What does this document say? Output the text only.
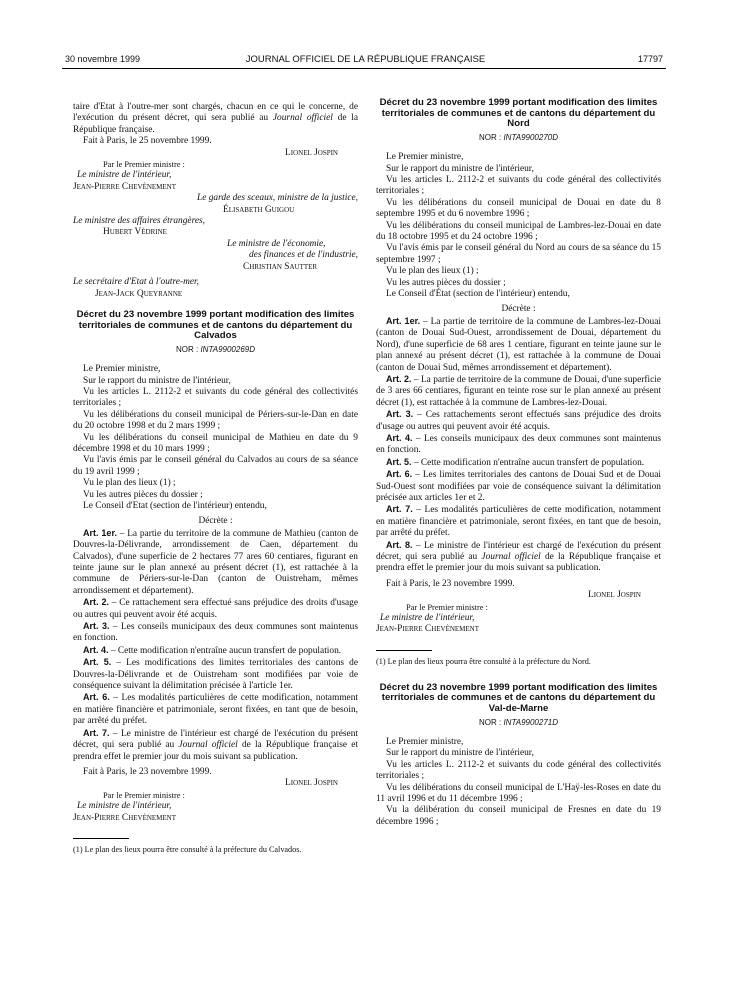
30 novembre 1999	JOURNAL OFFICIEL DE LA RÉPUBLIQUE FRANÇAISE	17797

taire d'Etat à l'outre-mer sont chargés, chacun en ce qui le concerne, de l'exécution du présent décret, qui sera publié au Journal officiel de la République française.

Fait à Paris, le 25 novembre 1999.

Lionel Jospin

Par le Premier ministre :

Le ministre de l'intérieur,

Jean-Pierre Chevènement

Le garde des sceaux, ministre de la justice,

Élisabeth Guigou

Le ministre des affaires étrangères,

Hubert Védrine

Le ministre de l'économie,

des finances et de l'industrie,

Christian Sautter

Le secrétaire d'Etat à l'outre-mer,

Jean-Jack Queyranne

Décret du 23 novembre 1999 portant modification des limites territoriales de communes et de cantons du département du Calvados

NOR : INTA9900269D

Le Premier ministre,

Sur le rapport du ministre de l'intérieur,

Vu les articles L. 2112-2 et suivants du code général des collectivités territoriales ;

Vu les délibérations du conseil municipal de Périers-sur-le-Dan en date du 20 octobre 1998 et du 2 mars 1999 ;

Vu les délibérations du conseil municipal de Mathieu en date du 9 décembre 1998 et du 10 mars 1999 ;

Vu l'avis émis par le conseil général du Calvados au cours de sa séance du 19 avril 1999 ;

Vu le plan des lieux (1) ;

Vu les autres pièces du dossier ;

Le Conseil d'Etat (section de l'intérieur) entendu,

Décrète :

Art. 1er. – La partie du territoire de la commune de Mathieu (canton de Douvres-la-Délivrande, arrondissement de Caen, département du Calvados), d'une superficie de 2 hectares 77 ares 60 centiares, figurant en teinte jaune sur le plan annexé au présent décret (1), est rattachée à la commune de Périers-sur-le-Dan (canton de Ouistreham, mêmes arrondissement et département).

Art. 2. – Ce rattachement sera effectué sans préjudice des droits d'usage ou autres qui peuvent avoir été acquis.

Art. 3. – Les conseils municipaux des deux communes sont maintenus en fonction.

Art. 4. – Cette modification n'entraîne aucun transfert de population.

Art. 5. – Les modifications des limites territoriales des cantons de Douvres-la-Délivrande et de Ouistreham sont modifiées par voie de conséquence suivant la délimitation précisée à l'article 1er.

Art. 6. – Les modalités particulières de cette modification, notamment en matière financière et patrimoniale, seront fixées, en tant que de besoin, par arrêté du préfet.

Art. 7. – Le ministre de l'intérieur est chargé de l'exécution du présent décret, qui sera publié au Journal officiel de la République française et prendra effet le premier jour du mois suivant sa publication.

Fait à Paris, le 23 novembre 1999.

Lionel Jospin

Par le Premier ministre :

Le ministre de l'intérieur,

Jean-Pierre Chevènement

(1) Le plan des lieux pourra être consulté à la préfecture du Calvados.

Décret du 23 novembre 1999 portant modification des limites territoriales de communes et de cantons du département du Nord

NOR : INTA9900270D

Le Premier ministre,

Sur le rapport du ministre de l'intérieur,

Vu les articles L. 2112-2 et suivants du code général des collectivités territoriales ;

Vu les délibérations du conseil municipal de Douai en date du 8 septembre 1995 et du 6 novembre 1996 ;

Vu les délibérations du conseil municipal de Lambres-lez-Douai en date du 18 octobre 1995 et du 24 octobre 1996 ;

Vu l'avis émis par le conseil général du Nord au cours de sa séance du 15 septembre 1997 ;

Vu le plan des lieux (1) ;

Vu les autres pièces du dossier ;

Le Conseil d'État (section de l'intérieur) entendu,

Décrète :

Art. 1er. – La partie de territoire de la commune de Lambres-lez-Douai (canton de Douai Sud-Ouest, arrondissement de Douai, département du Nord), d'une superficie de 68 ares 1 centiare, figurant en teinte jaune sur le plan annexé au présent décret (1), est rattachée à la commune de Douai (canton de Douai Sud, mêmes arrondissement et département).

Art. 2. – La partie de territoire de la commune de Douai, d'une superficie de 3 ares 66 centiares, figurant en teinte rose sur le plan annexé au présent décret (1), est rattachée à la commune de Lambres-lez-Douai.

Art. 3. – Ces rattachements seront effectués sans préjudice des droits d'usage ou autres qui peuvent avoir été acquis.

Art. 4. – Les conseils municipaux des deux communes sont maintenus en fonction.

Art. 5. – Cette modification n'entraîne aucun transfert de population.

Art. 6. – Les limites territoriales des cantons de Douai Sud et de Douai Sud-Ouest sont modifiées par voie de conséquence suivant la délimitation précisée aux articles 1er et 2.

Art. 7. – Les modalités particulières de cette modification, notamment en matière financière et patrimoniale, seront fixées, en tant que de besoin, par arrêté du préfet.

Art. 8. – Le ministre de l'intérieur est chargé de l'exécution du présent décret, qui sera publié au Journal officiel de la République française et prendra effet le premier jour du mois suivant sa publication.

Fait à Paris, le 23 novembre 1999.

Lionel Jospin

Par le Premier ministre :

Le ministre de l'intérieur,

Jean-Pierre Chevènement

(1) Le plan des lieux pourra être consulté à la préfecture du Nord.

Décret du 23 novembre 1999 portant modification des limites territoriales de communes et de cantons du département du Val-de-Marne

NOR : INTA9900271D

Le Premier ministre,

Sur le rapport du ministre de l'intérieur,

Vu les articles L. 2112-2 et suivants du code général des collectivités territoriales ;

Vu les délibérations du conseil municipal de L'Haÿ-les-Roses en date du 11 avril 1996 et du 11 décembre 1996 ;

Vu la délibération du conseil municipal de Fresnes en date du 19 décembre 1996 ;
